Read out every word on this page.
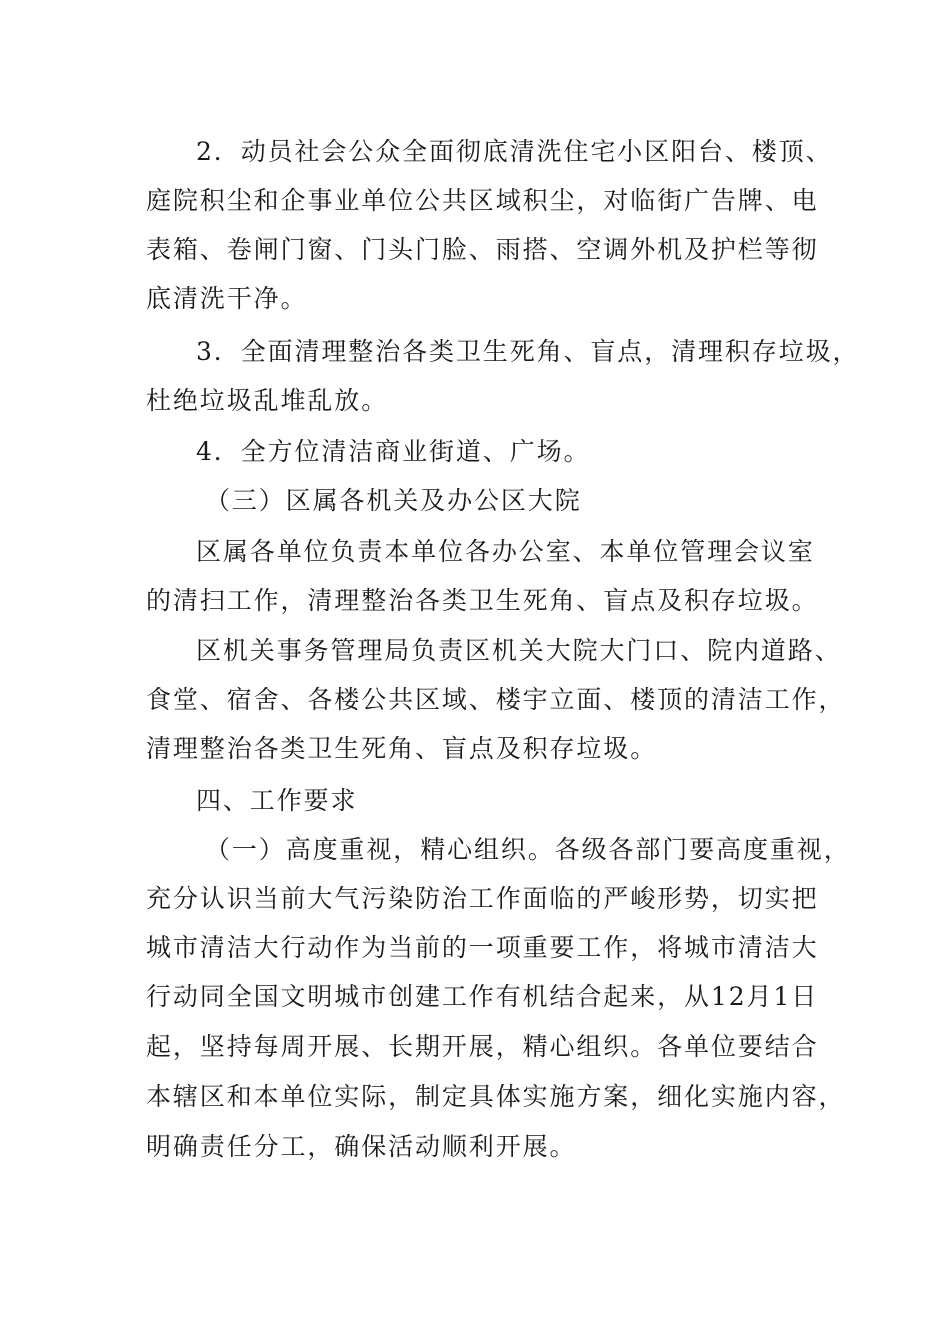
2．动员社会公众全面彻底清洗住宅小区阳台、楼顶、
庭院积尘和企事业单位公共区域积尘，对临街广告牌、电
表箱、卷闸门窗、门头门脸、雨搭、空调外机及护栏等彻
底清洗干净。
3．全面清理整治各类卫生死角、盲点，清理积存垃圾，
杜绝垃圾乱堆乱放。
4．全方位清洁商业街道、广场。
（三）区属各机关及办公区大院
区属各单位负责本单位各办公室、本单位管理会议室
的清扫工作，清理整治各类卫生死角、盲点及积存垃圾。
区机关事务管理局负责区机关大院大门口、院内道路、
食堂、宿舍、各楼公共区域、楼宇立面、楼顶的清洁工作，
清理整治各类卫生死角、盲点及积存垃圾。
四、工作要求
（一）高度重视，精心组织。各级各部门要高度重视，
充分认识当前大气污染防治工作面临的严峻形势，切实把
城市清洁大行动作为当前的一项重要工作，将城市清洁大
行动同全国文明城市创建工作有机结合起来，从12月1日
起，坚持每周开展、长期开展，精心组织。各单位要结合
本辖区和本单位实际，制定具体实施方案，细化实施内容，
明确责任分工，确保活动顺利开展。
